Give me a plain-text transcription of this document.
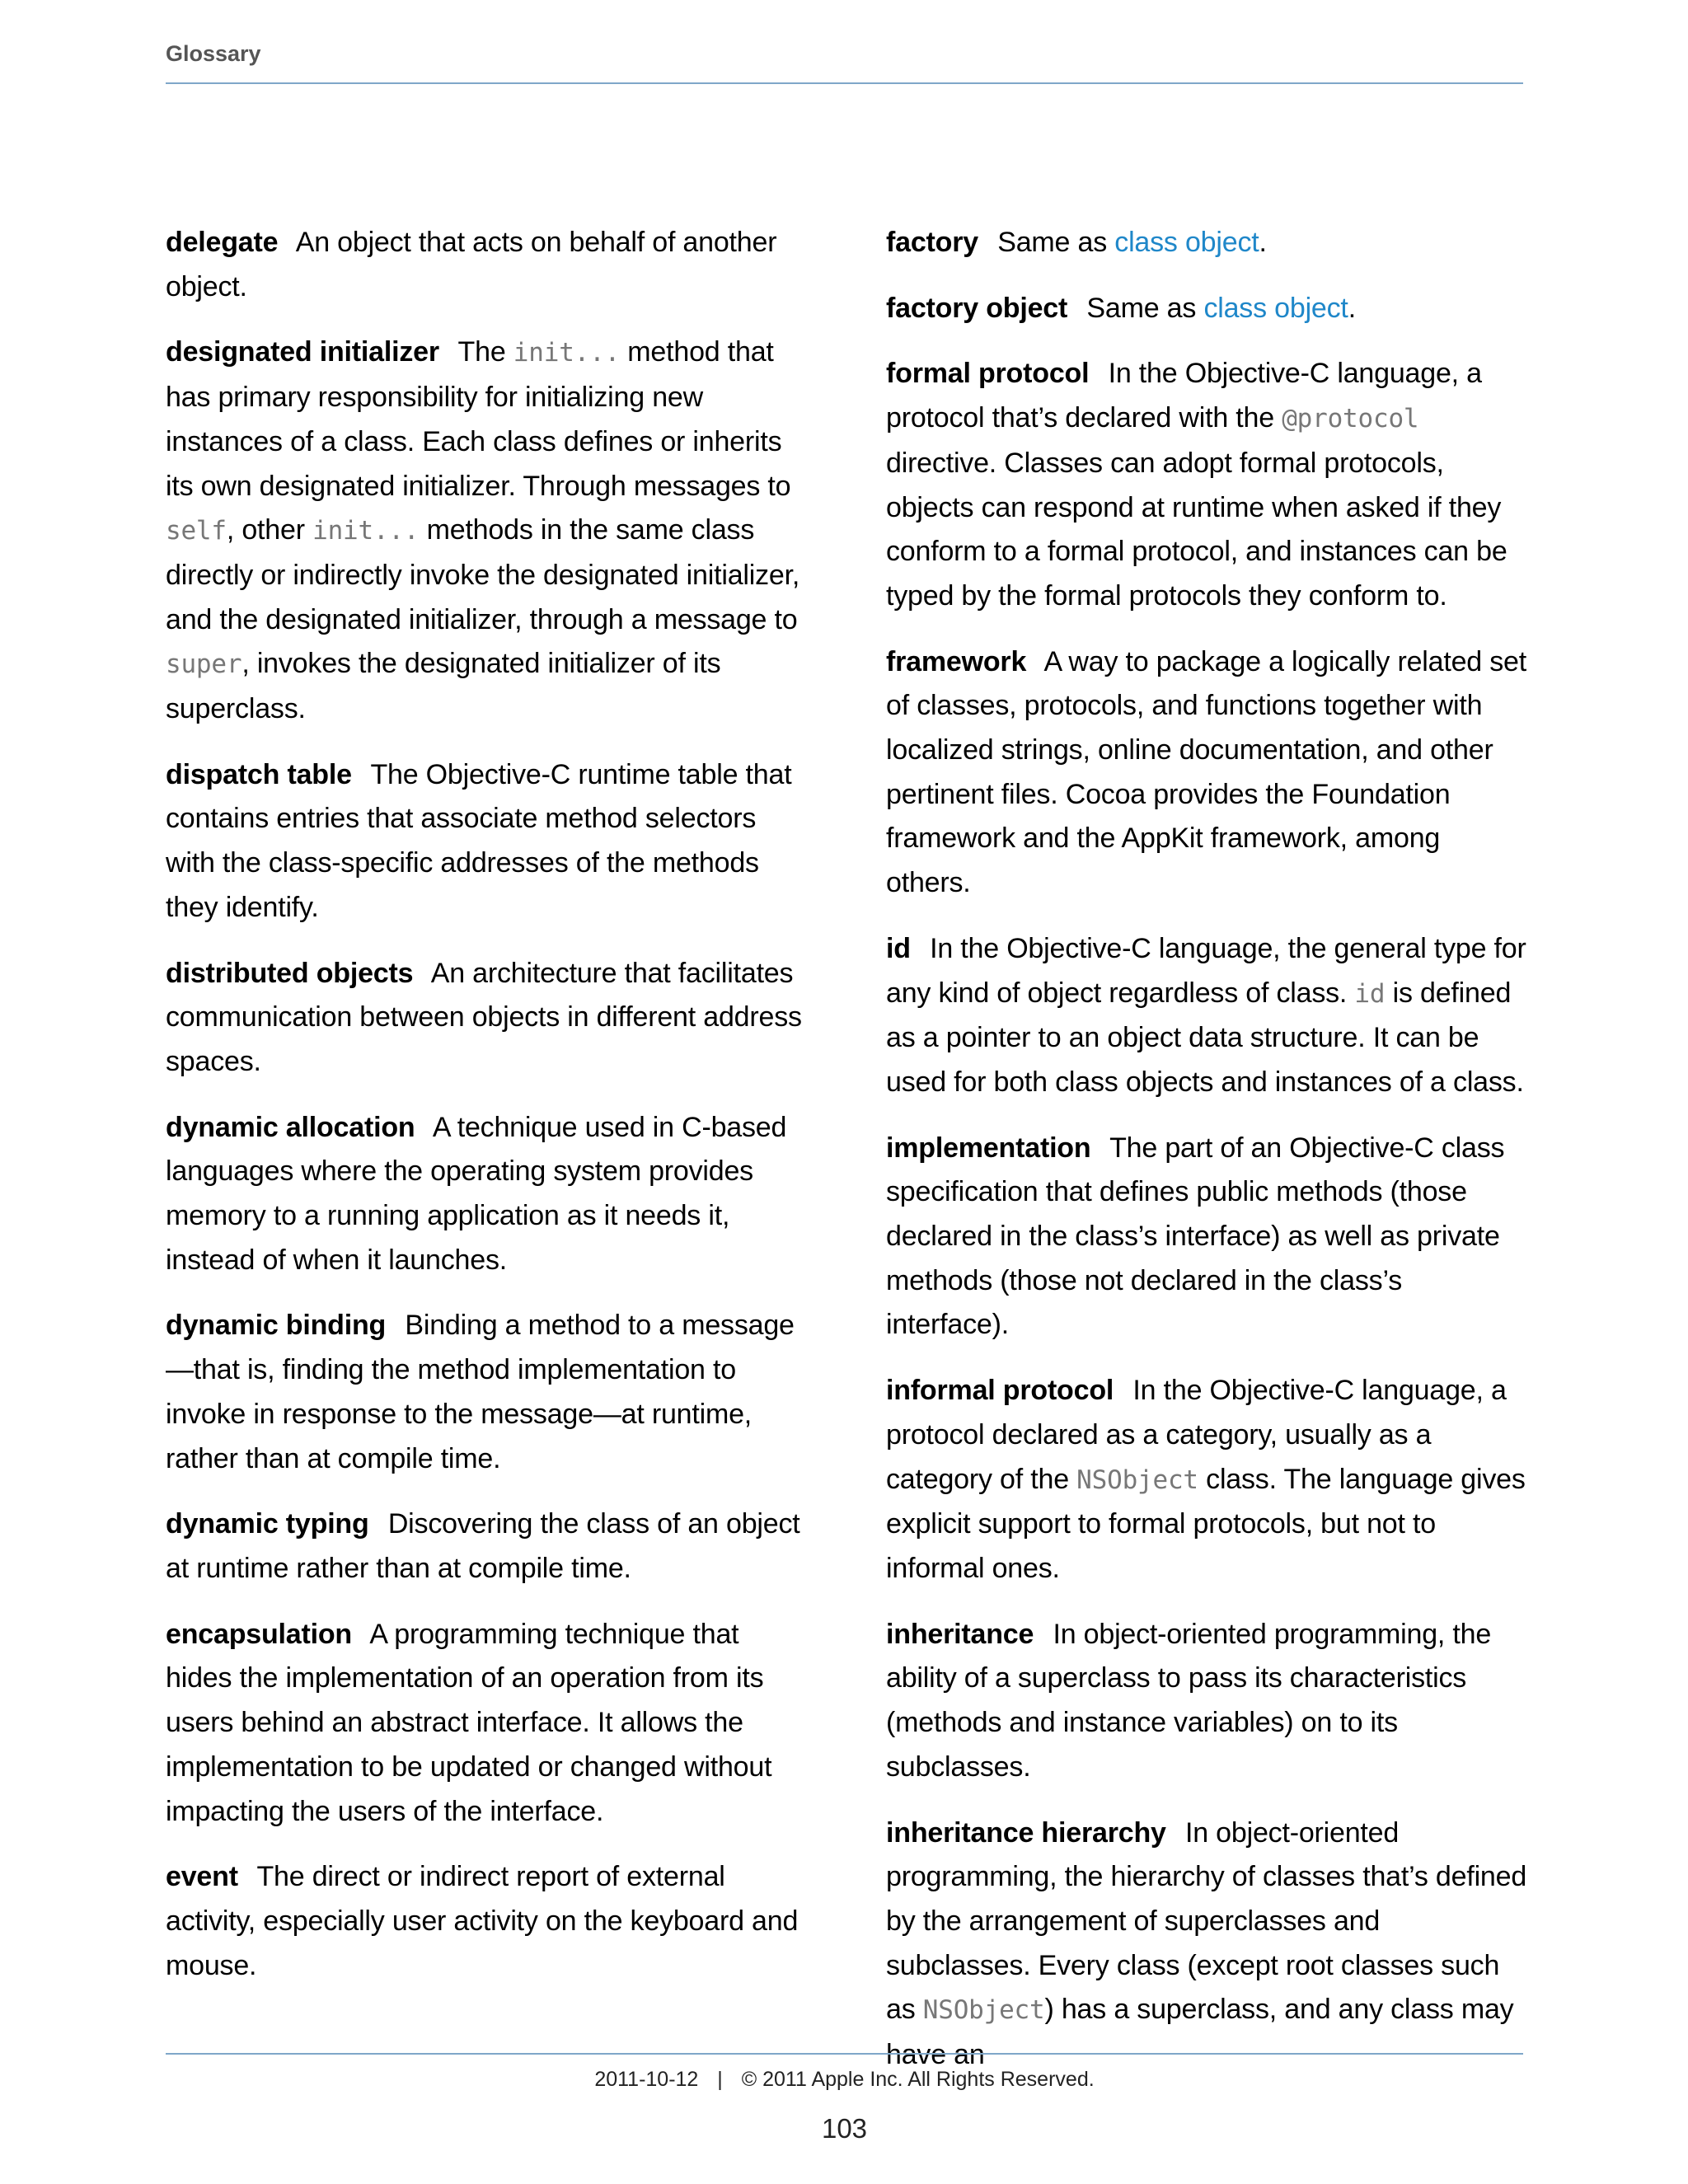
Glossary

delegate An object that acts on behalf of another object.

designated initializer The init... method that has primary responsibility for initializing new instances of a class. Each class defines or inherits its own designated initializer. Through messages to self, other init... methods in the same class directly or indirectly invoke the designated initializer, and the designated initializer, through a message to super, invokes the designated initializer of its superclass.

dispatch table The Objective-C runtime table that contains entries that associate method selectors with the class-specific addresses of the methods they identify.

distributed objects An architecture that facilitates communication between objects in different address spaces.

dynamic allocation A technique used in C-based languages where the operating system provides memory to a running application as it needs it, instead of when it launches.

dynamic binding Binding a method to a message—that is, finding the method implementation to invoke in response to the message—at runtime, rather than at compile time.

dynamic typing Discovering the class of an object at runtime rather than at compile time.

encapsulation A programming technique that hides the implementation of an operation from its users behind an abstract interface. It allows the implementation to be updated or changed without impacting the users of the interface.

event The direct or indirect report of external activity, especially user activity on the keyboard and mouse.

factory Same as class object.

factory object Same as class object.

formal protocol In the Objective-C language, a protocol that’s declared with the @protocol directive. Classes can adopt formal protocols, objects can respond at runtime when asked if they conform to a formal protocol, and instances can be typed by the formal protocols they conform to.

framework A way to package a logically related set of classes, protocols, and functions together with localized strings, online documentation, and other pertinent files. Cocoa provides the Foundation framework and the AppKit framework, among others.

id In the Objective-C language, the general type for any kind of object regardless of class. id is defined as a pointer to an object data structure. It can be used for both class objects and instances of a class.

implementation The part of an Objective-C class specification that defines public methods (those declared in the class’s interface) as well as private methods (those not declared in the class’s interface).

informal protocol In the Objective-C language, a protocol declared as a category, usually as a category of the NSObject class. The language gives explicit support to formal protocols, but not to informal ones.

inheritance In object-oriented programming, the ability of a superclass to pass its characteristics (methods and instance variables) on to its subclasses.

inheritance hierarchy In object-oriented programming, the hierarchy of classes that’s defined by the arrangement of superclasses and subclasses. Every class (except root classes such as NSObject) has a superclass, and any class may have an

2011-10-12 | © 2011 Apple Inc. All Rights Reserved.
103
